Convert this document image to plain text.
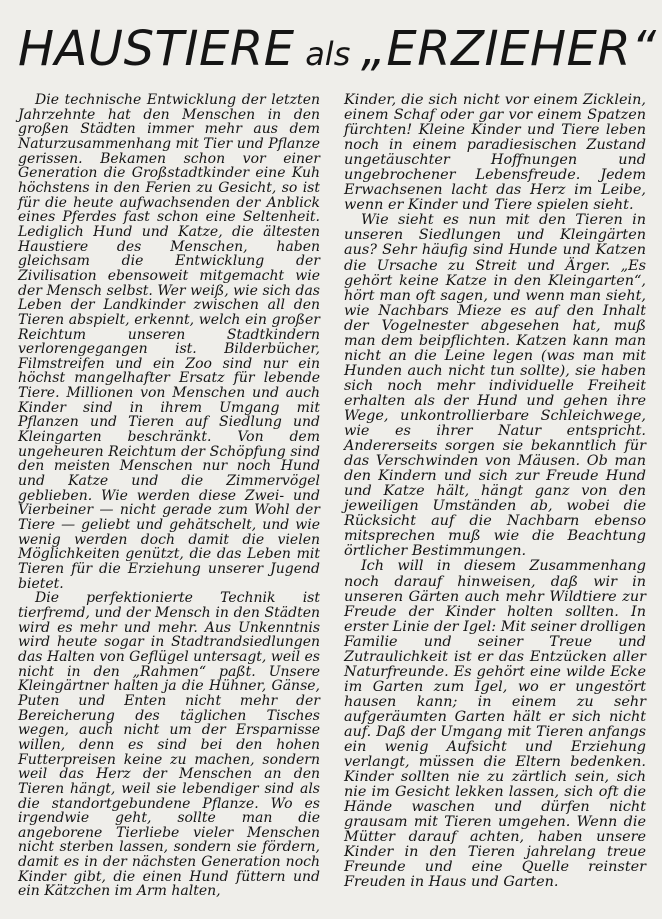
HAUSTIERE als „ERZIEHER“

Die technische Entwicklung der letzten Jahrzehnte hat den Menschen in den großen Städten immer mehr aus dem Naturzusammenhang mit Tier und Pflanze gerissen. Bekamen schon vor einer Generation die Großstadtkinder eine Kuh höchstens in den Ferien zu Gesicht, so ist für die heute aufwachsenden der Anblick eines Pferdes fast schon eine Seltenheit. Lediglich Hund und Katze, die ältesten Haustiere des Menschen, haben gleichsam die Entwicklung der Zivilisation ebensoweit mitgemacht wie der Mensch selbst. Wer weiß, wie sich das Leben der Landkinder zwischen all den Tieren abspielt, erkennt, welch ein großer Reichtum unseren Stadtkindern verlorengegangen ist. Bilderbücher, Filmstreifen und ein Zoo sind nur ein höchst mangelhafter Ersatz für lebende Tiere. Millionen von Menschen und auch Kinder sind in ihrem Umgang mit Pflanzen und Tieren auf Siedlung und Kleingarten beschränkt. Von dem ungeheuren Reichtum der Schöpfung sind den meisten Menschen nur noch Hund und Katze und die Zimmervögel geblieben. Wie werden diese Zwei- und Vierbeiner — nicht gerade zum Wohl der Tiere — geliebt und gehätschelt, und wie wenig werden doch damit die vielen Möglichkeiten genützt, die das Leben mit Tieren für die Erziehung unserer Jugend bietet.

Die perfektionierte Technik ist tierfremd, und der Mensch in den Städten wird es mehr und mehr. Aus Unkenntnis wird heute sogar in Stadtrandsiedlungen das Halten von Geflügel untersagt, weil es nicht in den „Rahmen“ paßt. Unsere Kleingärtner halten ja die Hühner, Gänse, Puten und Enten nicht mehr der Bereicherung des täglichen Tisches wegen, auch nicht um der Ersparnisse willen, denn es sind bei den hohen Futterpreisen keine zu machen, sondern weil das Herz der Menschen an den Tieren hängt, weil sie lebendiger sind als die standortgebundene Pflanze. Wo es irgendwie geht, sollte man die angeborene Tierliebe vieler Menschen nicht sterben lassen, sondern sie fördern, damit es in der nächsten Generation noch Kinder gibt, die einen Hund füttern und ein Kätzchen im Arm halten,

Kinder, die sich nicht vor einem Zicklein, einem Schaf oder gar vor einem Spatzen fürchten! Kleine Kinder und Tiere leben noch in einem paradiesischen Zustand ungetäuschter Hoffnungen und ungebrochener Lebensfreude. Jedem Erwachsenen lacht das Herz im Leibe, wenn er Kinder und Tiere spielen sieht.

Wie sieht es nun mit den Tieren in unseren Siedlungen und Kleingärten aus? Sehr häufig sind Hunde und Katzen die Ursache zu Streit und Ärger. „Es gehört keine Katze in den Kleingarten“, hört man oft sagen, und wenn man sieht, wie Nachbars Mieze es auf den Inhalt der Vogelnester abgesehen hat, muß man dem beipflichten. Katzen kann man nicht an die Leine legen (was man mit Hunden auch nicht tun sollte), sie haben sich noch mehr individuelle Freiheit erhalten als der Hund und gehen ihre Wege, unkontrollierbare Schleichwege, wie es ihrer Natur entspricht. Andererseits sorgen sie bekanntlich für das Verschwinden von Mäusen. Ob man den Kindern und sich zur Freude Hund und Katze hält, hängt ganz von den jeweiligen Umständen ab, wobei die Rücksicht auf die Nachbarn ebenso mitsprechen muß wie die Beachtung örtlicher Bestimmungen.

Ich will in diesem Zusammenhang noch darauf hinweisen, daß wir in unseren Gärten auch mehr Wildtiere zur Freude der Kinder holten sollten. In erster Linie der Igel: Mit seiner drolligen Familie und seiner Treue und Zutraulichkeit ist er das Entzücken aller Naturfreunde. Es gehört eine wilde Ecke im Garten zum Igel, wo er ungestört hausen kann; in einem zu sehr aufgeräumten Garten hält er sich nicht auf. Daß der Umgang mit Tieren anfangs ein wenig Aufsicht und Erziehung verlangt, müssen die Eltern bedenken. Kinder sollten nie zu zärtlich sein, sich nie im Gesicht lekken lassen, sich oft die Hände waschen und dürfen nicht grausam mit Tieren umgehen. Wenn die Mütter darauf achten, haben unsere Kinder in den Tieren jahrelang treue Freunde und eine Quelle reinster Freuden in Haus und Garten.
